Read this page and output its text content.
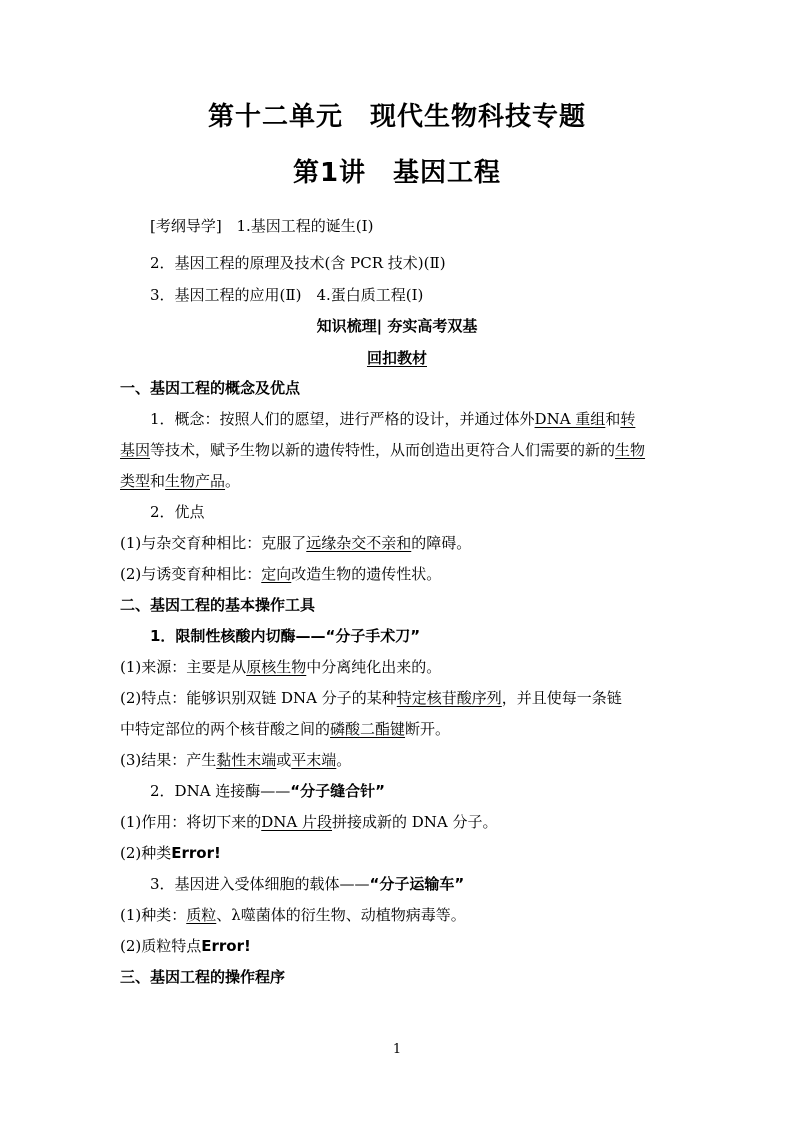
第十二单元　现代生物科技专题
第1讲　基因工程
[考纲导学] 1.基因工程的诞生(Ⅰ)
2．基因工程的原理及技术(含 PCR 技术)(Ⅱ)
3．基因工程的应用(Ⅱ)　4.蛋白质工程(Ⅰ)
知识梳理| 夯实高考双基
回扣教材
一、基因工程的概念及优点
1．概念：按照人们的愿望，进行严格的设计，并通过体外DNA 重组和转
基因等技术，赋予生物以新的遗传特性，从而创造出更符合人们需要的新的生物
类型和生物产品。
2．优点
(1)与杂交育种相比：克服了远缘杂交不亲和的障碍。
(2)与诱变育种相比：定向改造生物的遗传性状。
二、基因工程的基本操作工具
1．限制性核酸内切酶——“分子手术刀”
(1)来源：主要是从原核生物中分离纯化出来的。
(2)特点：能够识别双链 DNA 分子的某种特定核苷酸序列，并且使每一条链
中特定部位的两个核苷酸之间的磷酸二酯键断开。
(3)结果：产生黏性末端或平末端。
2．DNA 连接酶——“分子缝合针”
(1)作用：将切下来的DNA 片段拼接成新的 DNA 分子。
(2)种类Error!
3．基因进入受体细胞的载体——“分子运输车”
(1)种类：质粒、λ噬菌体的衍生物、动植物病毒等。
(2)质粒特点Error!
三、基因工程的操作程序
1
